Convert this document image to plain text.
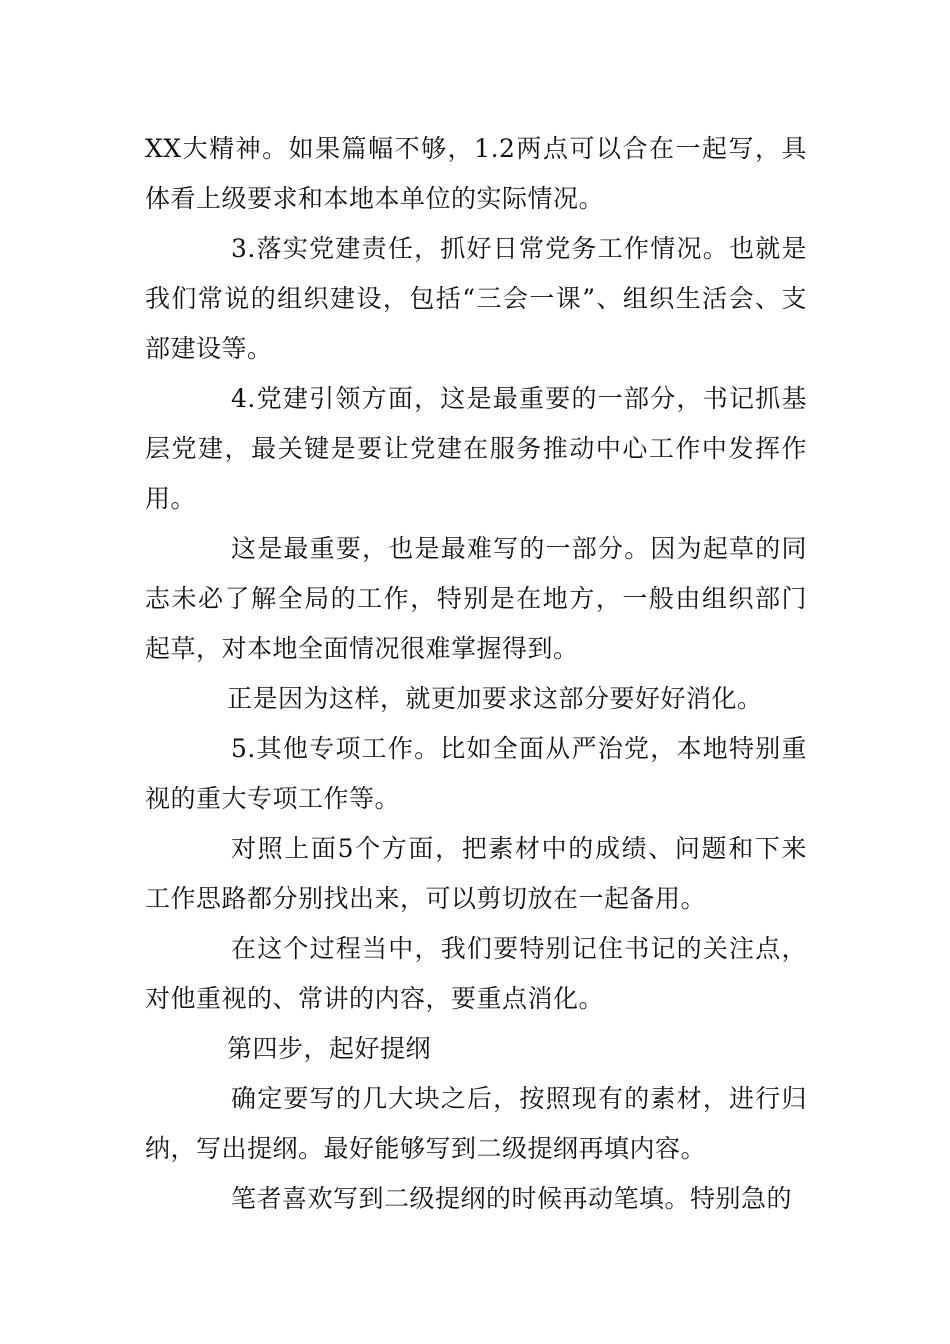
XX大精神。如果篇幅不够，1.2两点可以合在一起写，具体看上级要求和本地本单位的实际情况。

3.落实党建责任，抓好日常党务工作情况。也就是我们常说的组织建设，包括“三会一课”、组织生活会、支部建设等。

4.党建引领方面，这是最重要的一部分，书记抓基层党建，最关键是要让党建在服务推动中心工作中发挥作用。

这是最重要，也是最难写的一部分。因为起草的同志未必了解全局的工作，特别是在地方，一般由组织部门起草，对本地全面情况很难掌握得到。

正是因为这样，就更加要求这部分要好好消化。

5.其他专项工作。比如全面从严治党，本地特别重视的重大专项工作等。

对照上面5个方面，把素材中的成绩、问题和下来工作思路都分别找出来，可以剪切放在一起备用。

在这个过程当中，我们要特别记住书记的关注点，对他重视的、常讲的内容，要重点消化。

第四步，起好提纲

确定要写的几大块之后，按照现有的素材，进行归纳，写出提纲。最好能够写到二级提纲再填内容。

笔者喜欢写到二级提纲的时候再动笔填。特别急的
